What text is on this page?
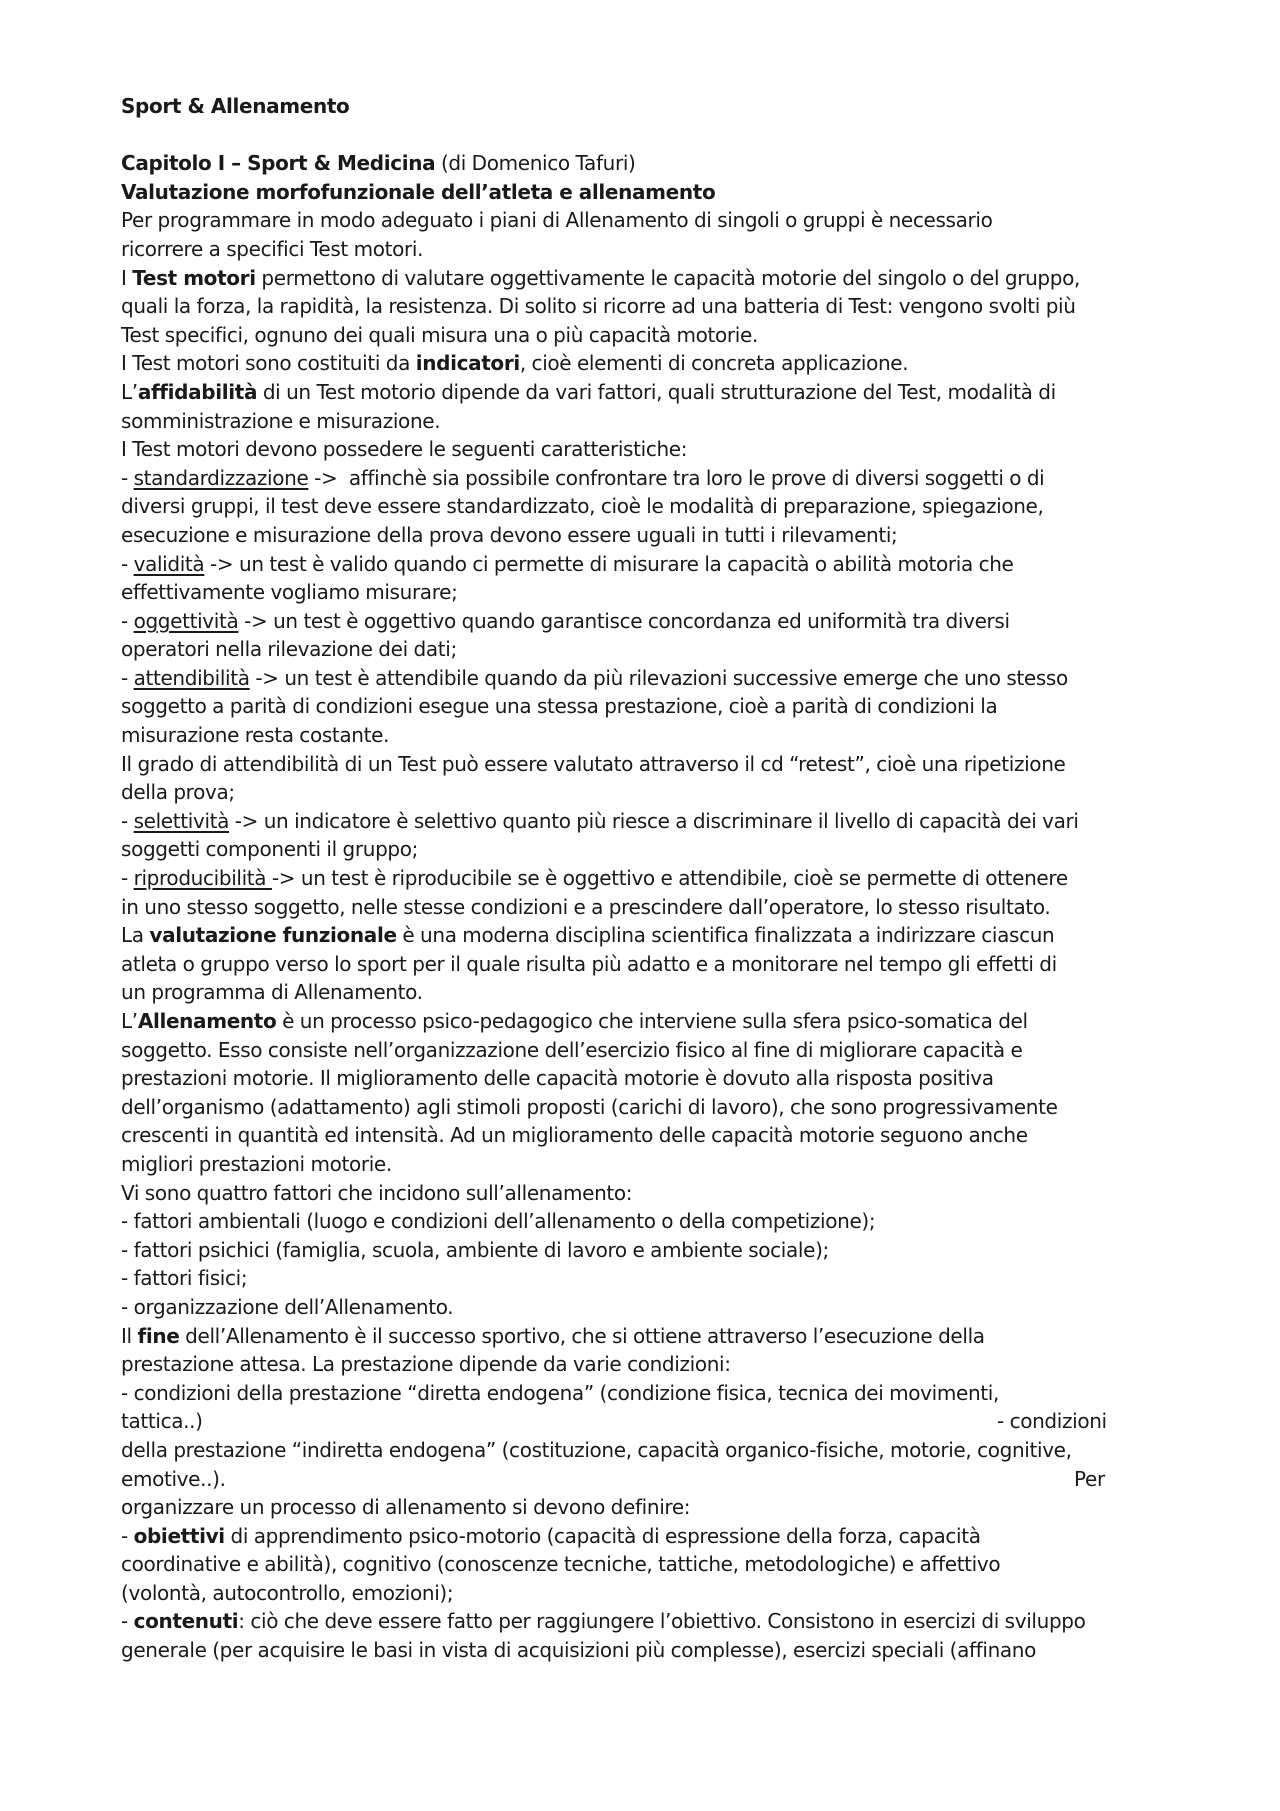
Sport & Allenamento
Capitolo I – Sport & Medicina (di Domenico Tafuri)
Valutazione morfofunzionale dell’atleta e allenamento
Per programmare in modo adeguato i piani di Allenamento di singoli o gruppi è necessario
ricorrere a specifici Test motori.
I Test motori permettono di valutare oggettivamente le capacità motorie del singolo o del gruppo,
quali la forza, la rapidità, la resistenza. Di solito si ricorre ad una batteria di Test: vengono svolti più
Test specifici, ognuno dei quali misura una o più capacità motorie.
I Test motori sono costituiti da indicatori, cioè elementi di concreta applicazione.
L’affidabilità di un Test motorio dipende da vari fattori, quali strutturazione del Test, modalità di
somministrazione e misurazione.
I Test motori devono possedere le seguenti caratteristiche:
- standardizzazione ->  affinchè sia possibile confrontare tra loro le prove di diversi soggetti o di
diversi gruppi, il test deve essere standardizzato, cioè le modalità di preparazione, spiegazione,
esecuzione e misurazione della prova devono essere uguali in tutti i rilevamenti;
- validità -> un test è valido quando ci permette di misurare la capacità o abilità motoria che
effettivamente vogliamo misurare;
- oggettività -> un test è oggettivo quando garantisce concordanza ed uniformità tra diversi
operatori nella rilevazione dei dati;
- attendibilità -> un test è attendibile quando da più rilevazioni successive emerge che uno stesso
soggetto a parità di condizioni esegue una stessa prestazione, cioè a parità di condizioni la
misurazione resta costante.
Il grado di attendibilità di un Test può essere valutato attraverso il cd “retest”, cioè una ripetizione
della prova;
- selettività -> un indicatore è selettivo quanto più riesce a discriminare il livello di capacità dei vari
soggetti componenti il gruppo;
- riproducibilità -> un test è riproducibile se è oggettivo e attendibile, cioè se permette di ottenere
in uno stesso soggetto, nelle stesse condizioni e a prescindere dall’operatore, lo stesso risultato.
La valutazione funzionale è una moderna disciplina scientifica finalizzata a indirizzare ciascun
atleta o gruppo verso lo sport per il quale risulta più adatto e a monitorare nel tempo gli effetti di
un programma di Allenamento.
L’Allenamento è un processo psico-pedagogico che interviene sulla sfera psico-somatica del
soggetto. Esso consiste nell’organizzazione dell’esercizio fisico al fine di migliorare capacità e
prestazioni motorie. Il miglioramento delle capacità motorie è dovuto alla risposta positiva
dell’organismo (adattamento) agli stimoli proposti (carichi di lavoro), che sono progressivamente
crescenti in quantità ed intensità. Ad un miglioramento delle capacità motorie seguono anche
migliori prestazioni motorie.
Vi sono quattro fattori che incidono sull’allenamento:
- fattori ambientali (luogo e condizioni dell’allenamento o della competizione);
- fattori psichici (famiglia, scuola, ambiente di lavoro e ambiente sociale);
- fattori fisici;
- organizzazione dell’Allenamento.
Il fine dell’Allenamento è il successo sportivo, che si ottiene attraverso l’esecuzione della
prestazione attesa. La prestazione dipende da varie condizioni:
- condizioni della prestazione “diretta endogena” (condizione fisica, tecnica dei movimenti,
tattica..)	- condizioni
della prestazione “indiretta endogena” (costituzione, capacità organico-fisiche, motorie, cognitive,
emotive..).	Per
organizzare un processo di allenamento si devono definire:
- obiettivi di apprendimento psico-motorio (capacità di espressione della forza, capacità
coordinative e abilità), cognitivo (conoscenze tecniche, tattiche, metodologiche) e affettivo
(volontà, autocontrollo, emozioni);
- contenuti: ciò che deve essere fatto per raggiungere l’obiettivo. Consistono in esercizi di sviluppo
generale (per acquisire le basi in vista di acquisizioni più complesse), esercizi speciali (affinano
